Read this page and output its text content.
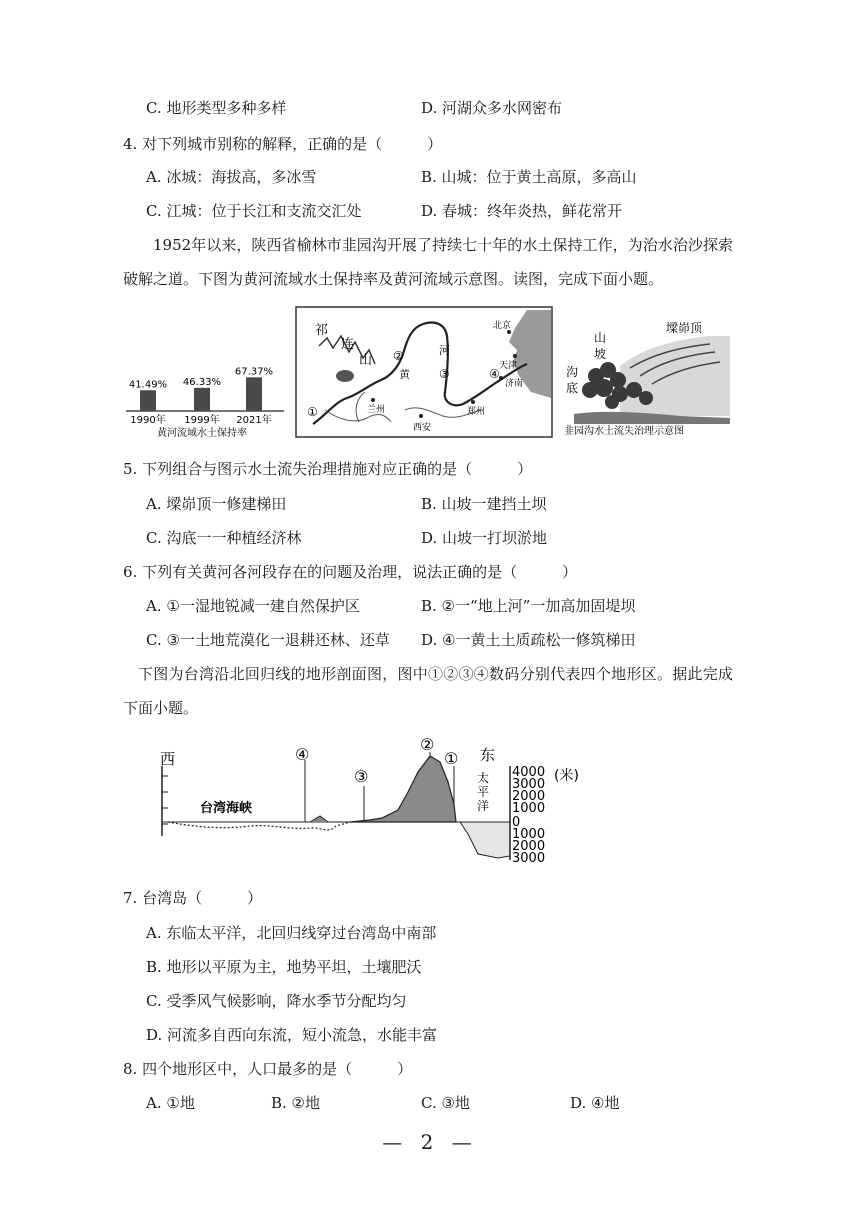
C. 地形类型多种多样	D. 河湖众多水网密布
4. 对下列城市别称的解释，正确的是（　　　）
A. 冰城：海拔高，多冰雪	B. 山城：位于黄土高原，多高山
C. 江城：位于长江和支流交汇处	D. 春城：终年炎热，鲜花常开
1952年以来，陕西省榆林市韭园沟开展了持续七十年的水土保持工作，为治水治沙探索破解之道。下图为黄河流域水土保持率及黄河流域示意图。读图，完成下面小题。
41.49%
1990年
46.33%
1999年
67.37%
2021年
黄河流域水土保持率
祁
连
山
河
黄
北京
天津
济南
郑州
兰州
西安
①
②
③	④
墚峁顶
山
坡
沟
底
韭园沟水土流失治理示意图
5. 下列组合与图示水土流失治理措施对应正确的是（　　　）
A. 墚峁顶一修建梯田	B. 山坡一建挡土坝
C. 沟底一一种植经济林	D. 山坡一打坝淤地
6. 下列有关黄河各河段存在的问题及治理，说法正确的是（　　　）
A. ①一湿地锐减一建自然保护区	B. ②一“地上河”一加高加固堤坝
C. ③一土地荒漠化一退耕还林、还草 D. ④一黄土土质疏松一修筑梯田
下图为台湾沿北回归线的地形剖面图，图中①②③④数码分别代表四个地形区。据此完成下面小题。
西	东
台湾海峡
太
平
洋
④
③
②
①
(米)
4000
3000
2000
1000
0
1000
2000
3000
7. 台湾岛（　　　）
A. 东临太平洋，北回归线穿过台湾岛中南部
B. 地形以平原为主，地势平坦，土壤肥沃
C. 受季风气候影响，降水季节分配均匀
D. 河流多自西向东流，短小流急，水能丰富
8. 四个地形区中，人口最多的是（　　　）
A. ①地	B. ②地	C. ③地	D. ④地
— 2 —
